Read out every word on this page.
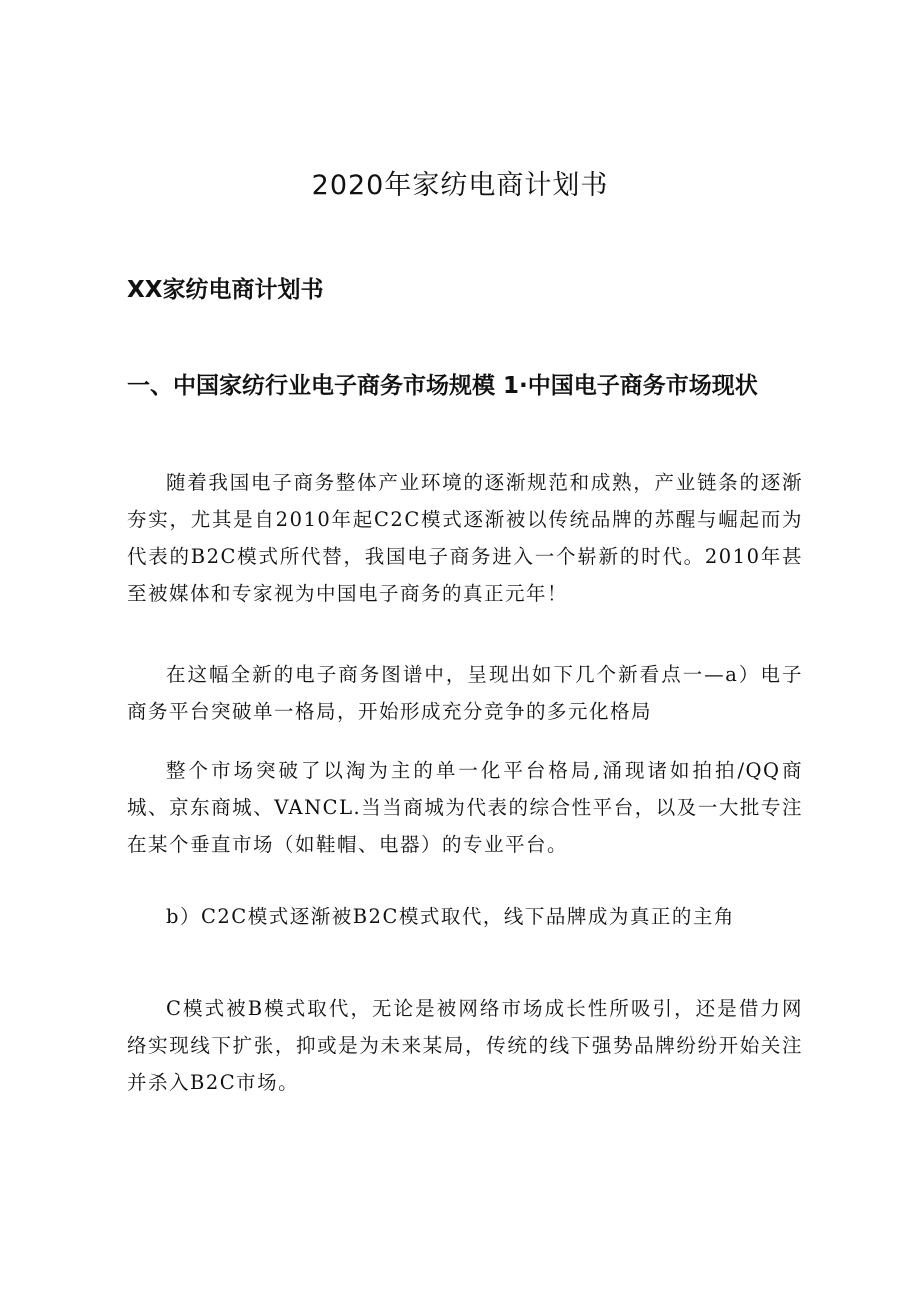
2020年家纺电商计划书
XX家纺电商计划书
一、中国家纺行业电子商务市场规模 1·中国电子商务市场现状

随着我国电子商务整体产业环境的逐渐规范和成熟，产业链条的逐渐夯实，尤其是自2010年起C2C模式逐渐被以传统品牌的苏醒与崛起而为代表的B2C模式所代替，我国电子商务进入一个崭新的时代。2010年甚至被媒体和专家视为中国电子商务的真正元年！

在这幅全新的电子商务图谱中，呈现出如下几个新看点一—a）电子商务平台突破单一格局，开始形成充分竞争的多元化格局

整个市场突破了以淘为主的单一化平台格局,涌现诸如拍拍/QQ商城、京东商城、VANCL.当当商城为代表的综合性平台，以及一大批专注在某个垂直市场（如鞋帽、电器）的专业平台。

b）C2C模式逐渐被B2C模式取代，线下品牌成为真正的主角

C模式被B模式取代，无论是被网络市场成长性所吸引，还是借力网络实现线下扩张，抑或是为未来某局，传统的线下强势品牌纷纷开始关注并杀入B2C市场。
